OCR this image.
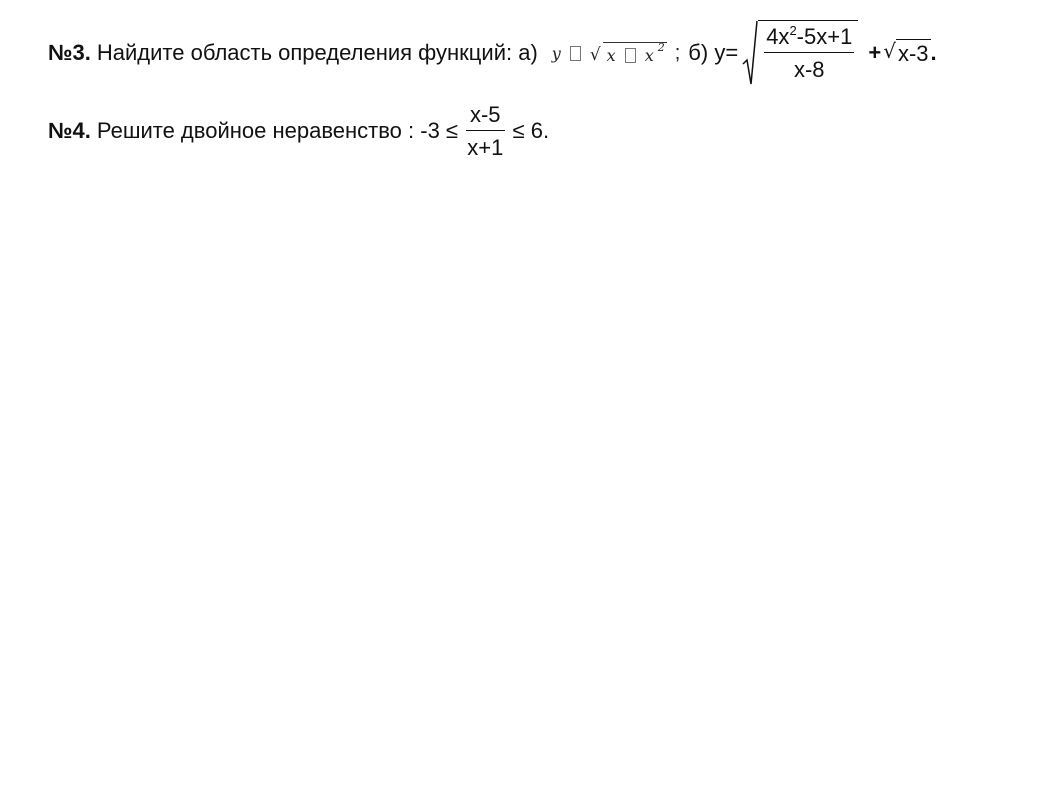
№3. Найдите область определения функций: а) y √ x x 2 ; б) $y= \frac{4x^2-5x+1}{x-8}$ + √ x-3 .
№4. Решите двойное неравенство : $-3 \le \frac{x-5}{x+1} \le 6$.
